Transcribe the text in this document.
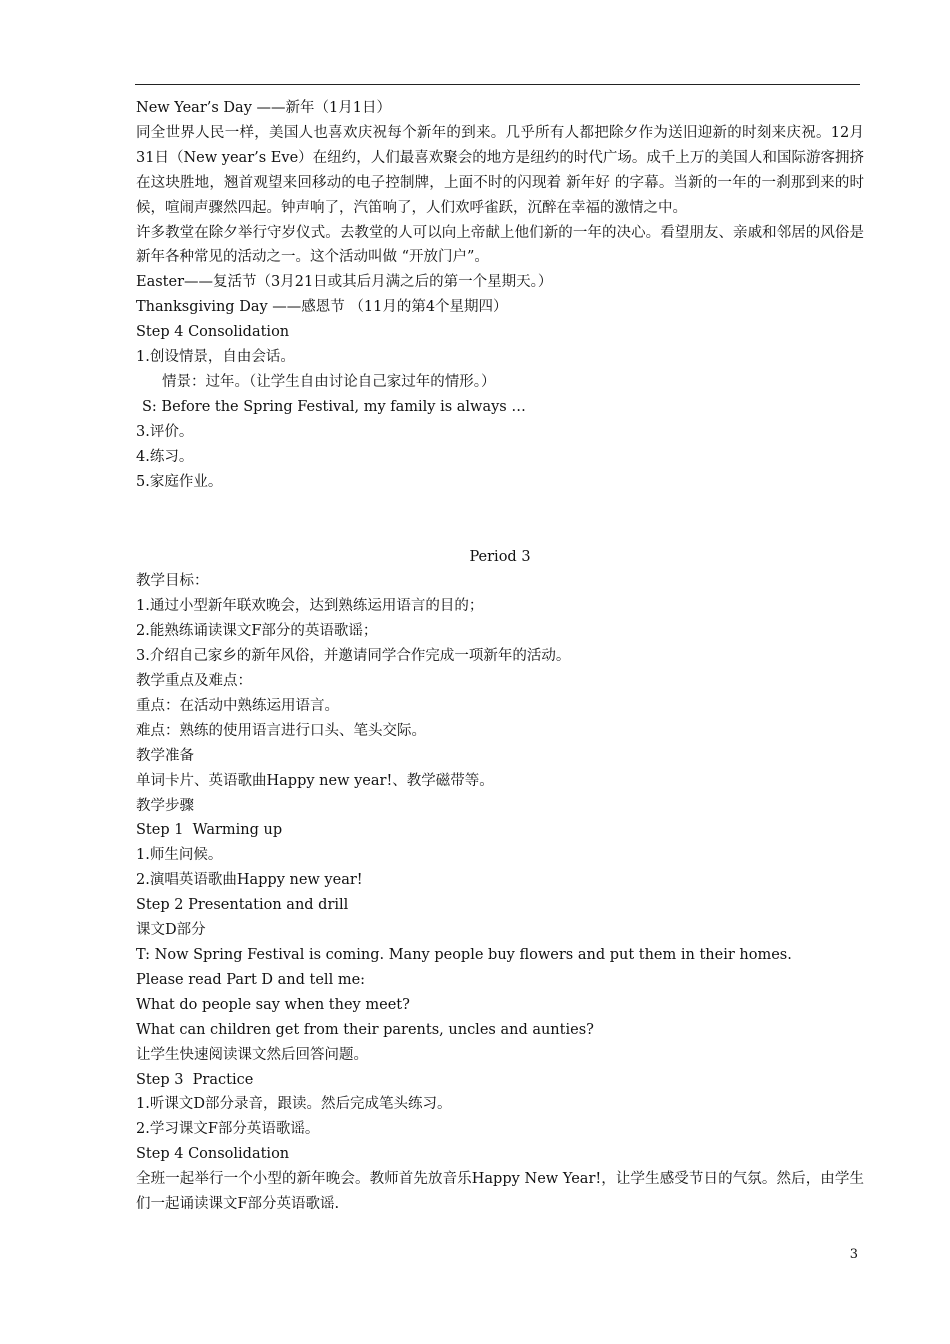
New Year’s Day ——新年（1月1日）
同全世界人民一样，美国人也喜欢庆祝每个新年的到来。几乎所有人都把除夕作为送旧迎新的时刻来庆祝。12月31日（New year’s Eve）在纽约，人们最喜欢聚会的地方是纽约的时代广场。成千上万的美国人和国际游客拥挤在这块胜地，翘首观望来回移动的电子控制牌，上面不时的闪现着 新年好 的字幕。当新的一年的一刹那到来的时候，喧闹声骤然四起。钟声响了，汽笛响了，人们欢呼雀跃，沉醉在幸福的激情之中。
许多教堂在除夕举行守岁仪式。去教堂的人可以向上帝献上他们新的一年的决心。看望朋友、亲戚和邻居的风俗是新年各种常见的活动之一。这个活动叫做 “开放门户”。
Easter——复活节（3月21日或其后月满之后的第一个星期天。）
Thanksgiving Day ——感恩节 （11月的第4个星期四）
Step 4 Consolidation
1.创设情景，自由会话。
情景：过年。（让学生自由讨论自己家过年的情形。）
S: Before the Spring Festival, my family is always …
3.评价。
4.练习。
5.家庭作业。
Period 3
教学目标：
1.通过小型新年联欢晚会，达到熟练运用语言的目的；
2.能熟练诵读课文F部分的英语歌谣；
3.介绍自己家乡的新年风俗，并邀请同学合作完成一项新年的活动。
教学重点及难点：
重点：在活动中熟练运用语言。
难点：熟练的使用语言进行口头、笔头交际。
教学准备
单词卡片、英语歌曲Happy new year!、教学磁带等。
教学步骤
Step 1  Warming up
1.师生问候。
2.演唱英语歌曲Happy new year!
Step 2 Presentation and drill
课文D部分
T: Now Spring Festival is coming. Many people buy flowers and put them in their homes.
Please read Part D and tell me:
What do people say when they meet?
What can children get from their parents, uncles and aunties?
让学生快速阅读课文然后回答问题。
Step 3  Practice
1.听课文D部分录音，跟读。然后完成笔头练习。
2.学习课文F部分英语歌谣。
Step 4 Consolidation
全班一起举行一个小型的新年晚会。教师首先放音乐Happy New Year!，让学生感受节日的气氛。然后，由学生们一起诵读课文F部分英语歌谣.
3
